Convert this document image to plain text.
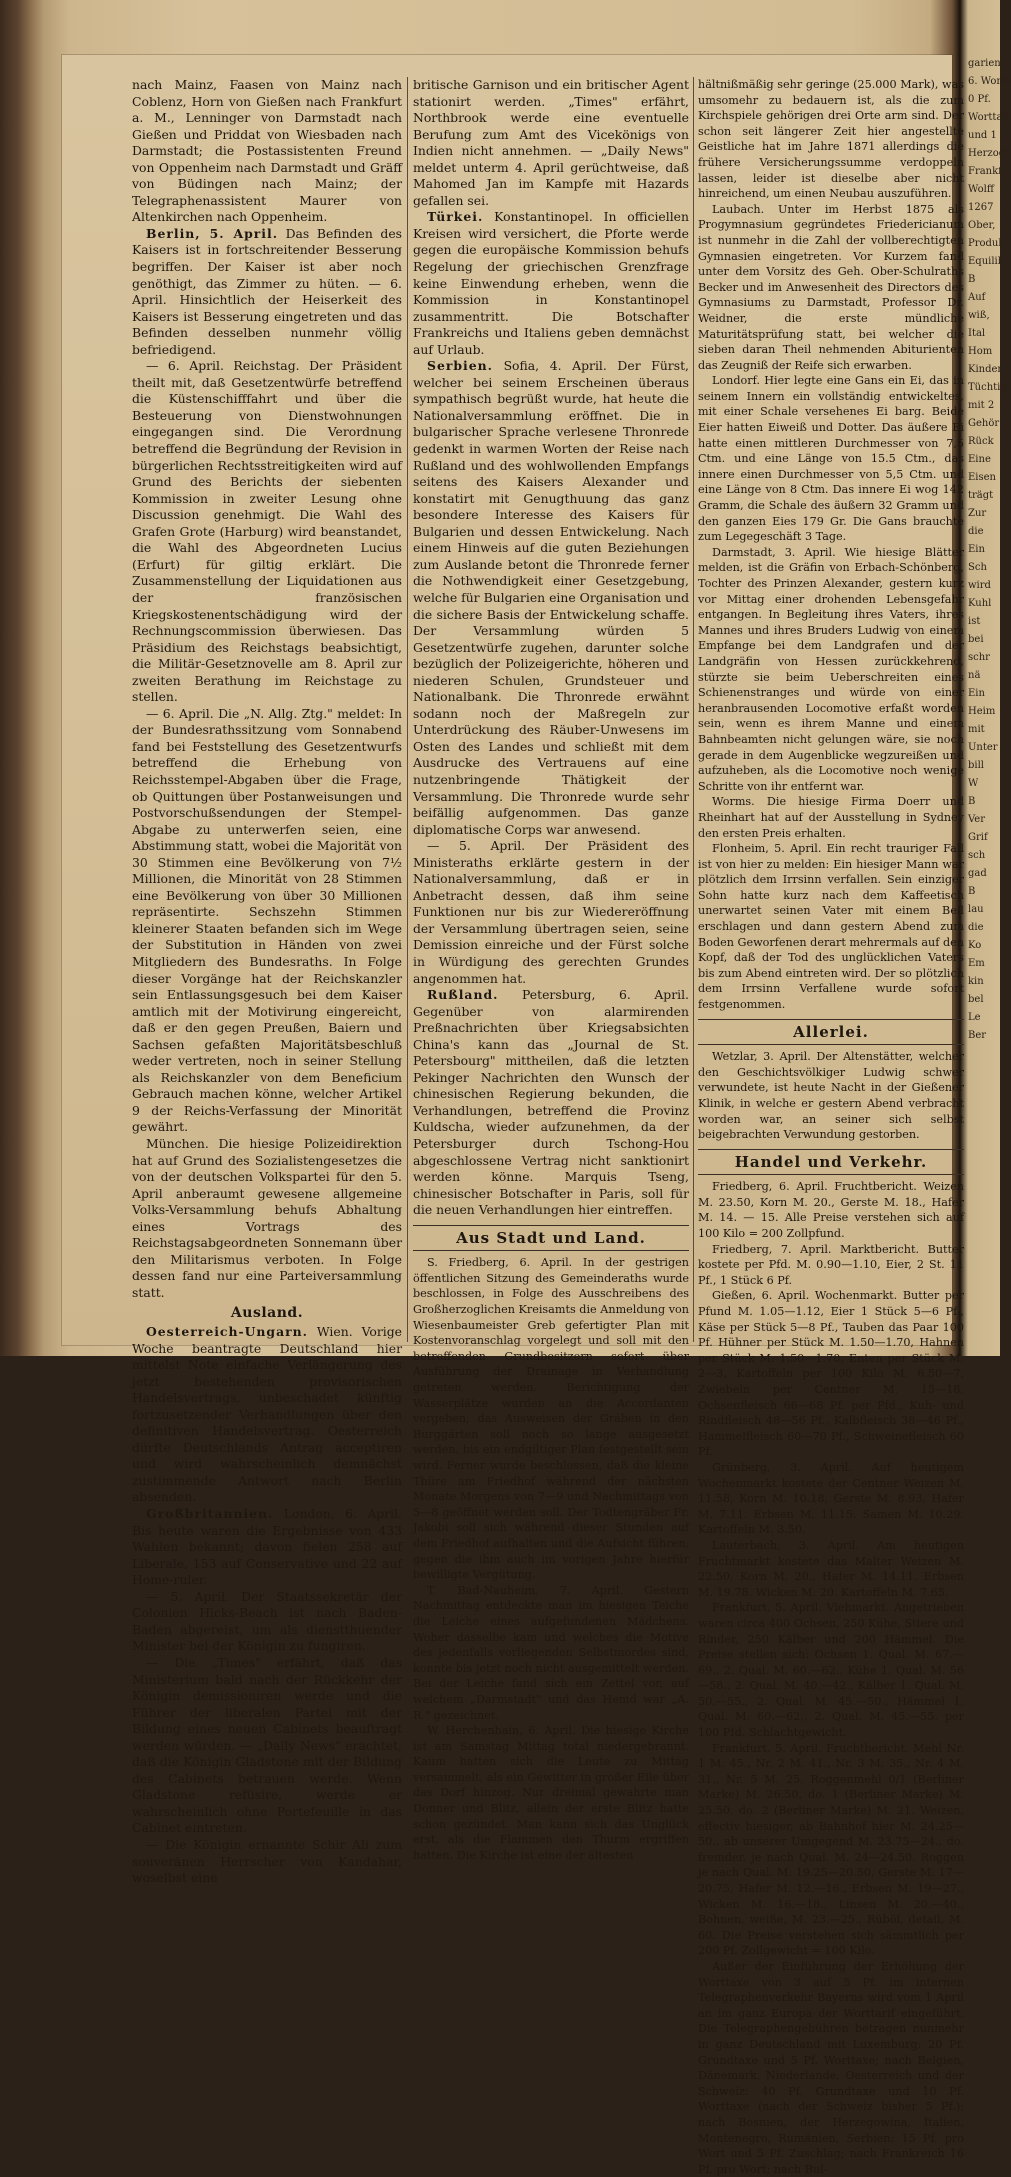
nach Mainz, Faasen von Mainz nach Coblenz, Horn von Gießen nach Frankfurt a. M., Lenninger von Darmstadt nach Gießen und Priddat von Wiesbaden nach Darmstadt; die Postassistenten Freund von Oppenheim nach Darmstadt und Gräff von Büdingen nach Mainz; der Telegraphenassistent Maurer von Altenkirchen nach Oppenheim.

Berlin, 5. April. Das Befinden des Kaisers ist in fortschreitender Besserung begriffen. Der Kaiser ist aber noch genöthigt, das Zimmer zu hüten. — 6. April. Hinsichtlich der Heiserkeit des Kaisers ist Besserung eingetreten und das Befinden desselben nunmehr völlig befriedigend.

— 6. April. Reichstag. Der Präsident theilt mit, daß Gesetzentwürfe betreffend die Küstenschifffahrt und über die Besteuerung von Dienstwohnungen eingegangen sind. Die Verordnung betreffend die Begründung der Revision in bürgerlichen Rechtsstreitigkeiten wird auf Grund des Berichts der siebenten Kommission in zweiter Lesung ohne Discussion genehmigt. Die Wahl des Grafen Grote (Harburg) wird beanstandet, die Wahl des Abgeordneten Lucius (Erfurt) für giltig erklärt. Die Zusammenstellung der Liquidationen aus der französischen Kriegskostenentschädigung wird der Rechnungscommission überwiesen. Das Präsidium des Reichstags beabsichtigt, die Militär-Gesetznovelle am 8. April zur zweiten Berathung im Reichstage zu stellen.

— 6. April. Die „N. Allg. Ztg." meldet: In der Bundesrathssitzung vom Sonnabend fand bei Feststellung des Gesetzentwurfs betreffend die Erhebung von Reichsstempel-Abgaben über die Frage, ob Quittungen über Postanweisungen und Postvorschußsendungen der Stempel-Abgabe zu unterwerfen seien, eine Abstimmung statt, wobei die Majorität von 30 Stimmen eine Bevölkerung von 7½ Millionen, die Minorität von 28 Stimmen eine Bevölkerung von über 30 Millionen repräsentirte. Sechszehn Stimmen kleinerer Staaten befanden sich im Wege der Substitution in Händen von zwei Mitgliedern des Bundesraths. In Folge dieser Vorgänge hat der Reichskanzler sein Entlassungsgesuch bei dem Kaiser amtlich mit der Motivirung eingereicht, daß er den gegen Preußen, Baiern und Sachsen gefaßten Majoritätsbeschluß weder vertreten, noch in seiner Stellung als Reichskanzler von dem Beneficium Gebrauch machen könne, welcher Artikel 9 der Reichs-Verfassung der Minorität gewährt.

München. Die hiesige Polizeidirektion hat auf Grund des Sozialistengesetzes die von der deutschen Volkspartei für den 5. April anberaumt gewesene allgemeine Volks-Versammlung behufs Abhaltung eines Vortrags des Reichstagsabgeordneten Sonnemann über den Militarismus verboten. In Folge dessen fand nur eine Parteiversammlung statt.

Ausland.

Oesterreich-Ungarn. Wien. Vorige Woche beantragte Deutschland hier mittelst Note einfache Verlängerung des jetzt bestehenden provisorischen Handelsvertrags, unbeschadet künftig fortzusetzender Verhandlungen über den definitiven Handelsvertrag. Oesterreich dürfte Deutschlands Antrag acceptiren und wird wahrscheinlich demnächst zustimmende Antwort nach Berlin absenden.

Großbritannien. London, 6. April. Bis heute waren die Ergebnisse von 433 Wahlen bekannt; davon fielen 258 auf Liberale, 153 auf Conservative und 22 auf Home-ruler.

— 5. April. Der Staatssekretär der Colonien Hicks-Beach ist nach Baden-Baden abgereist, um als dienstthuender Minister bei der Königin zu fungiren.

— Die „Times" erfährt, daß das Ministerium bald nach der Rückkehr der Königin demissioniren werde und die Führer der liberalen Partei mit der Bildung eines neuen Cabinets beauftragt werden würden. — „Daily News" erachtet, daß die Königin Gladstone mit der Bildung des Cabinets betrauen werde. Wenn Gladstone refüsire, werde er wahrscheinlich ohne Portefeuille in das Cabinet eintreten.

— Die Königin ernannte Schir Ali zum souveränen Herrscher von Kandahar, woselbst eine

britische Garnison und ein britischer Agent stationirt werden. „Times" erfährt, Northbrook werde eine eventuelle Berufung zum Amt des Vicekönigs von Indien nicht annehmen. — „Daily News" meldet unterm 4. April gerüchtweise, daß Mahomed Jan im Kampfe mit Hazards gefallen sei.

Türkei. Konstantinopel. In officiellen Kreisen wird versichert, die Pforte werde gegen die europäische Kommission behufs Regelung der griechischen Grenzfrage keine Einwendung erheben, wenn die Kommission in Konstantinopel zusammentritt. Die Botschafter Frankreichs und Italiens geben demnächst auf Urlaub.

Serbien. Sofia, 4. April. Der Fürst, welcher bei seinem Erscheinen überaus sympathisch begrüßt wurde, hat heute die Nationalversammlung eröffnet. Die in bulgarischer Sprache verlesene Thronrede gedenkt in warmen Worten der Reise nach Rußland und des wohlwollenden Empfangs seitens des Kaisers Alexander und konstatirt mit Genugthuung das ganz besondere Interesse des Kaisers für Bulgarien und dessen Entwickelung. Nach einem Hinweis auf die guten Beziehungen zum Auslande betont die Thronrede ferner die Nothwendigkeit einer Gesetzgebung, welche für Bulgarien eine Organisation und die sichere Basis der Entwickelung schaffe. Der Versammlung würden 5 Gesetzentwürfe zugehen, darunter solche bezüglich der Polizeigerichte, höheren und niederen Schulen, Grundsteuer und Nationalbank. Die Thronrede erwähnt sodann noch der Maßregeln zur Unterdrückung des Räuber-Unwesens im Osten des Landes und schließt mit dem Ausdrucke des Vertrauens auf eine nutzenbringende Thätigkeit der Versammlung. Die Thronrede wurde sehr beifällig aufgenommen. Das ganze diplomatische Corps war anwesend.

— 5. April. Der Präsident des Ministeraths erklärte gestern in der Nationalversammlung, daß er in Anbetracht dessen, daß ihm seine Funktionen nur bis zur Wiedereröffnung der Versammlung übertragen seien, seine Demission einreiche und der Fürst solche in Würdigung des gerechten Grundes angenommen hat.

Rußland. Petersburg, 6. April. Gegenüber von alarmirenden Preßnachrichten über Kriegsabsichten China's kann das „Journal de St. Petersbourg" mittheilen, daß die letzten Pekinger Nachrichten den Wunsch der chinesischen Regierung bekunden, die Verhandlungen, betreffend die Provinz Kuldscha, wieder aufzunehmen, da der Petersburger durch Tschong-Hou abgeschlossene Vertrag nicht sanktionirt werden könne. Marquis Tseng, chinesischer Botschafter in Paris, soll für die neuen Verhandlungen hier eintreffen.

Aus Stadt und Land.

S. Friedberg, 6. April. In der gestrigen öffentlichen Sitzung des Gemeinderaths wurde beschlossen, in Folge des Ausschreibens des Großherzoglichen Kreisamts die Anmeldung von Wiesenbaumeister Greb gefertigter Plan mit Kostenvoranschlag vorgelegt und soll mit den betreffenden Grundbesitzern sofort über Ausführung der Drainage in Verhandlung getreten werden. Berichtigung der Wasserplätze wurden an die Accordanten vergeben; das Ausweisen der Gräben in den Burggärten soll noch so lange ausgesetzt werden, bis ein endgiltiger Plan festgestellt sein wird. Ferner wurde beschlossen, daß die kleine Thüre am Friedhof während der nächsten Monate Morgens von 7—9 und Nachmittags von 5—8 geöffnet werden soll. Der Todtengräber Fr. Jakobi soll sich während dieser Stunden auf dem Friedhof aufhalten und die Aufsicht führen, gegen die ihm auch im vorigen Jahre hierfür bewilligte Vergütung.

T. Bad-Nauheim, 7. April. Gestern Nachmittag entdeckte man im hiesigen Teiche die Leiche eines aufgefundenen Mädchens. Woher dasselbe kam und welches die Motive des jedenfalls vorliegenden Selbstmordes sind, konnte bis jetzt noch nicht ausgemittelt werden. Bei der Leiche fand sich ein Zettel vor, auf welchem „Darmstadt" und das Hemd war „A. R." gezeichnet.

W. Herchenhain, 6. April. Die hiesige Kirche ist am Samstag Mittag total niedergebrannt. Kaum hatten sich die Leute zu Mittag versammelt, als ein Gewitter in großer Eile über das Dorf hinzog. Nur dreimal gewahrte man Donner und Blitz, allein der erste Blitz hatte schon gezündet. Man kann sich das Unglück erst, als die Flammen den Thurm ergriffen hatten. Die Kirche ist eine der ältesten

hältnißmäßig sehr geringe (25.000 Mark), was umsomehr zu bedauern ist, als die zum Kirchspiele gehörigen drei Orte arm sind. Der schon seit längerer Zeit hier angestellte Geistliche hat im Jahre 1871 allerdings die frühere Versicherungssumme verdoppeln lassen, leider ist dieselbe aber nicht hinreichend, um einen Neubau auszuführen.

Laubach. Unter im Herbst 1875 als Progymnasium gegründetes Friedericianum ist nunmehr in die Zahl der vollberechtigten Gymnasien eingetreten. Vor Kurzem fand unter dem Vorsitz des Geh. Ober-Schulraths Becker und im Anwesenheit des Directors des Gymnasiums zu Darmstadt, Professor Dr. Weidner, die erste mündliche Maturitätsprüfung statt, bei welcher die sieben daran Theil nehmenden Abiturienten das Zeugniß der Reife sich erwarben.

Londorf. Hier legte eine Gans ein Ei, das in seinem Innern ein vollständig entwickeltes, mit einer Schale versehenes Ei barg. Beide Eier hatten Eiweiß und Dotter. Das äußere Ei hatte einen mittleren Durchmesser von 7,5 Ctm. und eine Länge von 15.5 Ctm., das innere einen Durchmesser von 5,5 Ctm. und eine Länge von 8 Ctm. Das innere Ei wog 142 Gramm, die Schale des äußern 32 Gramm und den ganzen Eies 179 Gr. Die Gans brauchte zum Legegeschäft 3 Tage.

Darmstadt, 3. April. Wie hiesige Blätter melden, ist die Gräfin von Erbach-Schönberg, Tochter des Prinzen Alexander, gestern kurz vor Mittag einer drohenden Lebensgefahr entgangen. In Begleitung ihres Vaters, ihres Mannes und ihres Bruders Ludwig von einem Empfange bei dem Landgrafen und der Landgräfin von Hessen zurückkehrend, stürzte sie beim Ueberschreiten eines Schienenstranges und würde von einer heranbrausenden Locomotive erfaßt worden sein, wenn es ihrem Manne und einem Bahnbeamten nicht gelungen wäre, sie noch gerade in dem Augenblicke wegzureißen und aufzuheben, als die Locomotive noch wenige Schritte von ihr entfernt war.

Worms. Die hiesige Firma Doerr und Rheinhart hat auf der Ausstellung in Sydney den ersten Preis erhalten.

Flonheim, 5. April. Ein recht trauriger Fall ist von hier zu melden: Ein hiesiger Mann war plötzlich dem Irrsinn verfallen. Sein einziger Sohn hatte kurz nach dem Kaffeetisch unerwartet seinen Vater mit einem Beil erschlagen und dann gestern Abend zum Boden Geworfenen derart mehrermals auf den Kopf, daß der Tod des unglücklichen Vaters bis zum Abend eintreten wird. Der so plötzlich dem Irrsinn Verfallene wurde sofort festgenommen.

Allerlei.

Wetzlar, 3. April. Der Altenstätter, welcher den Geschichtsvölkiger Ludwig schwer verwundete, ist heute Nacht in der Gießener Klinik, in welche er gestern Abend verbracht worden war, an seiner sich selbst beigebrachten Verwundung gestorben.

Handel und Verkehr.

Friedberg, 6. April. Fruchtbericht. Weizen M. 23.50, Korn M. 20., Gerste M. 18., Hafer M. 14. — 15. Alle Preise verstehen sich auf 100 Kilo = 200 Zollpfund.

Friedberg, 7. April. Marktbericht. Butter kostete per Pfd. M. 0.90—1.10, Eier, 2 St. 11 Pf., 1 Stück 6 Pf.

Gießen, 6. April. Wochenmarkt. Butter per Pfund M. 1.05—1.12, Eier 1 Stück 5—6 Pf., Käse per Stück 5—8 Pf., Tauben das Paar 100 Pf. Hühner per Stück M. 1.50—1.70, Hahnen per Stück M. 1.50—1.70, Enten per Stück M. 2—3, Kartoffeln per 100 Kilo M. 6.50—7, Zwiebeln per Centner M. 15—18. Ochsenfleisch 66—68 Pf. per Pfd., Kuh- und Rindfleisch 48—56 Pf., Kalbfleisch 38—46 Pf., Hammelfleisch 60—70 Pf., Schweinefleisch 60 Pf.

Grünberg, 3. April. Auf heutigem Wochenmarkt kostete der Centner Weizen M. 11.58, Korn M. 10.18, Gerste M. 8.93, Hafer M. 7.11. Erbsen M. 11.15. Samen M. 10.29. Kartoffeln M. 3.50.

Lauterbach, 3. April. Am heutigen Fruchtmarkt kostete das Malter Weizen M. 22.50, Korn M. 20., Hafer M. 14.11. Erbsen M. 19.78. Wicken M. 20. Kartoffeln M. 7.65.

Frankfurt, 5. April. Viehmarkt. Angetrieben waren circa 400 Ochsen, 250 Kühe, Stiere und Rinder, 250 Kälber und 200 Hämmel. Die Preise stellen sich: Ochsen 1. Qual. M. 67.—69., 2. Qual. M. 60.—62., Kühe 1. Qual. M. 56—58., 2. Qual. M. 40.—42., Kälber 1. Qual. M. 50.—55., 2. Qual. M. 45.—50., Hämmel 1. Qual. M. 60.—62., 2. Qual. M. 45.—55. per 100 Pfd. Schlachtgewicht.

Frankfurt, 5. April. Fruchtbericht. Mehl Nr. 1 M. 45., Nr. 2 M. 41., Nr. 3 M. 35., Nr. 4 M. 31., Nr. 5 M. 25. Roggenmehl 0/1 (Berliner Marke) M. 26.50, do. 1 (Berliner Marke) M. 25.50, do. 2 (Berliner Marke) M. 21. Weizen, effectiv hiesiger, ab Bahnhof hier M. 24.25—50., ab unserer Umgegend M. 23.75—24., do. fremder, je nach Qual. M. 24—24.50. Roggen je nach Qual. M. 19.25—20.50, Gerste M. 17—20.75, Hafer M. 12.—16., Erbsen M. 19—27., Wicken M. 16.—18., Linsen M. 20.—40., Bohnen, weiße, M. 23.—25., Rüböl, detail, M. 60. Die Preise verstehen sich sämmtlich per 200 Pf. Zollgewicht = 100 Kilo.

Außer der Einführung der Erhöhung der Worttaxe von 3 auf 5 Pf. im internen Telegraphenverkehr Bayerns wird vom 1 April an im ganz Europa der Worttarif eingeführt. Die Telegraphengebühren betragen nunmehr in ganz Deutschland mit Luxemburg: 20 Pf. Grundtaxe und 5 Pf. Worttaxe; nach Belgien, Dänemark, Niederlande, Oesterreich und der Schweiz: 40 Pf. Grundtaxe und 10 Pf. Worttaxe (nach der Schweiz bisher 5 Pf.); nach Bosnien, der Herzegowina, Italien, Montenegro, Rumänien, Serbien: 15 Pf. pro Wort und 5 Pf. Zuschlag; nach Frankreich 16 Pf. pro Wort; nach Bul-

garien,
6. Worte
0 Pf.
Worttar
und 1
Herzogs
Frankf
Wolff
1267
Ober,
Produk
Equilib
B
Auf
wiß,
Ital
Hom
Kinder
Tüchtig
mit 2
Gehör
Rück
Eine
Eisen
trägt
Zur
die
Ein
Sch
wird
Kuhl
ist
bei
schr
nä
Ein
Heim
mit
Unter
bill
W
B
Ver
Grif
sch
gad
B
lau
die
Ko
Em
kin
bel
Le
Ber
